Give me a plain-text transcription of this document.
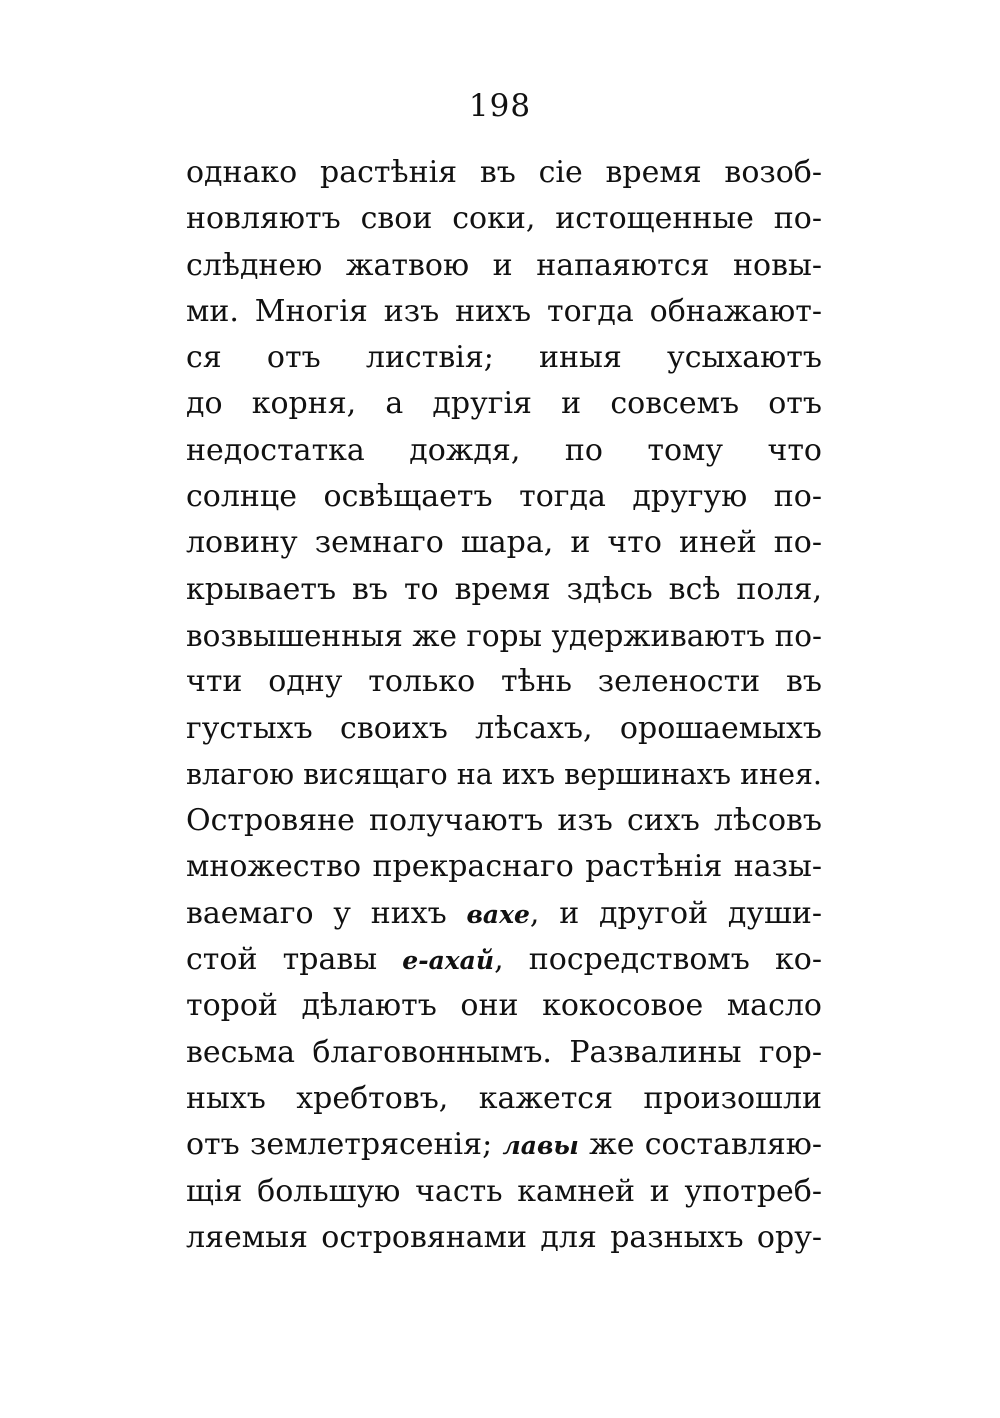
198
однако растѣнія въ сіе время возоб-
новляютъ свои соки, истощенные по-
слѣднею жатвою и напаяются новы-
ми. Многія изъ нихъ тогда обнажают-
ся отъ листвія; иныя усыхаютъ
до корня, а другія и совсемъ отъ
недостатка дождя, по тому что
солнце освѣщаетъ тогда другую по-
ловину земнаго шара, и что иней по-
крываетъ въ то время здѣсь всѣ поля,
возвышенныя же горы удерживаютъ по-
чти одну только тѣнь зелености въ
густыхъ своихъ лѣсахъ, орошаемыхъ
влагою висящаго на ихъ вершинахъ инея.
Островяне получаютъ изъ сихъ лѣсовъ
множество прекраснаго растѣнія назы-
ваемаго у нихъ вахе, и другой души-
стой травы е-ахай, посредствомъ ко-
торой дѣлаютъ они кокосовое масло
весьма благовоннымъ. Развалины гор-
ныхъ хребтовъ, кажется произошли
отъ землетрясенія; лавы же составляю-
щія большую часть камней и употреб-
ляемыя островянами для разныхъ ору-
